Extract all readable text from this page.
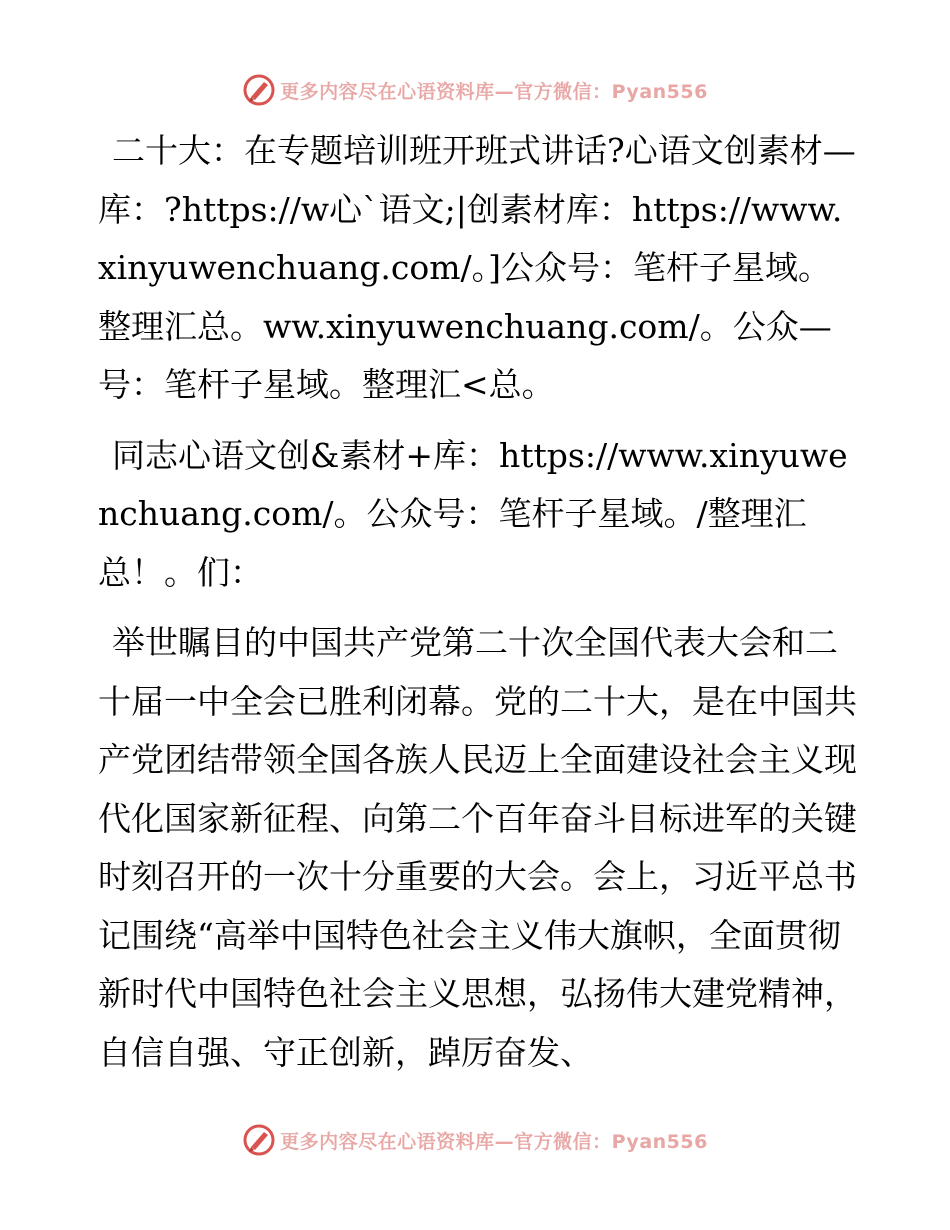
更多内容尽在心语资料库—官方微信：Pyan556

二十大：在专题培训班开班式讲话?心语文创素材—库：?https://w心`语文;|创素材库：https://www.xinyuwenchuang.com/。]公众号：笔杆子星域。整理汇总。ww.xinyuwenchuang.com/。公众—号：笔杆子星域。整理汇<总。

同志心语文创&素材+库：https://www.xinyuwenchuang.com/。公众号：笔杆子星域。/整理汇总！。们：

举世瞩目的中国共产党第二十次全国代表大会和二十届一中全会已胜利闭幕。党的二十大，是在中国共产党团结带领全国各族人民迈上全面建设社会主义现代化国家新征程、向第二个百年奋斗目标进军的关键时刻召开的一次十分重要的大会。会上，习近平总书记围绕“高举中国特色社会主义伟大旗帜，全面贯彻新时代中国特色社会主义思想，弘扬伟大建党精神，自信自强、守正创新，踔厉奋发、

更多内容尽在心语资料库—官方微信：Pyan556
